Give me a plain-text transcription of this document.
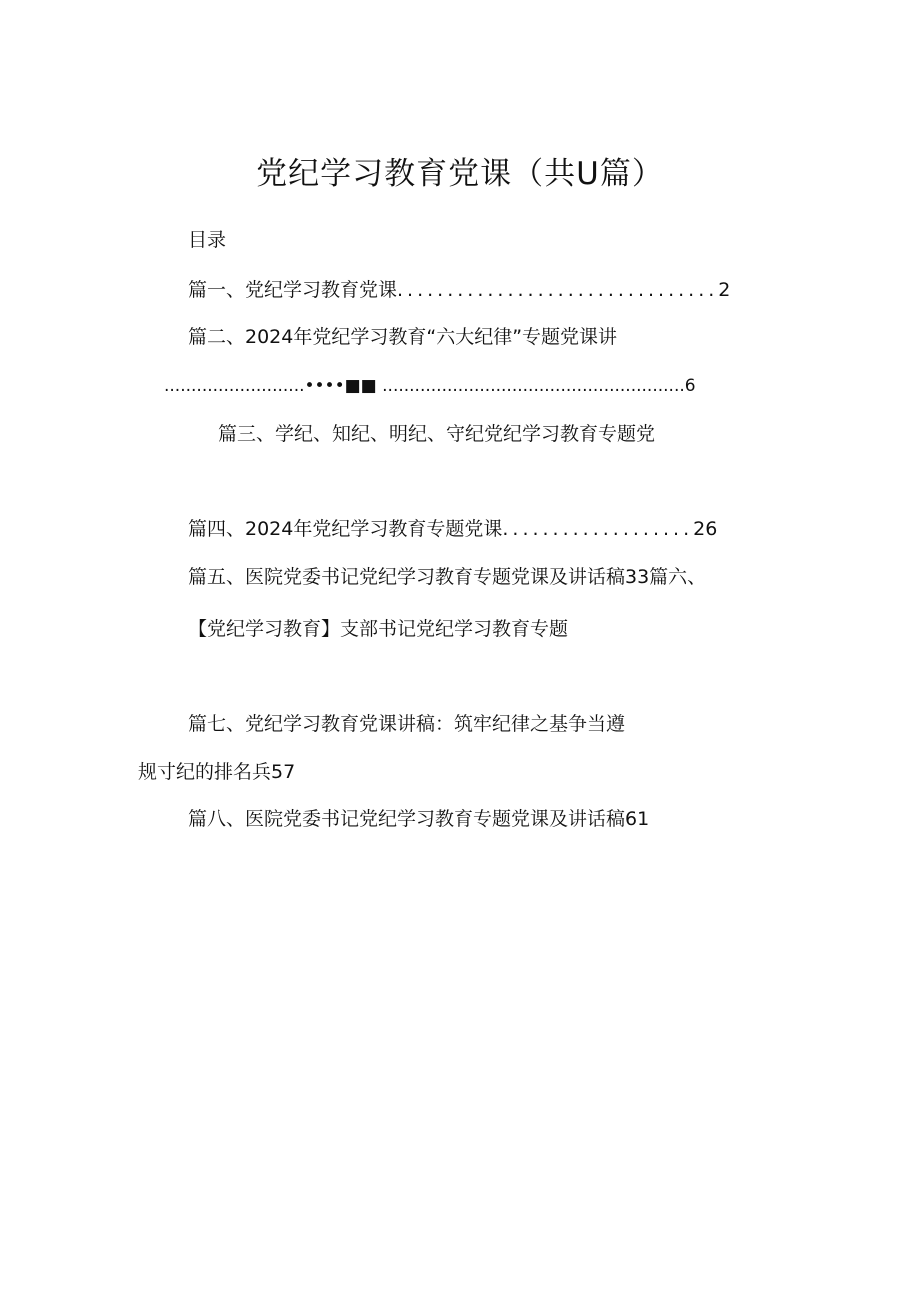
党纪学习教育党课（共U篇）
目录
篇一、党纪学习教育党课................................2
篇二、2024年党纪学习教育“六大纪律”专题党课讲
..........................••••■■ ........................................................6
篇三、学纪、知纪、明纪、守纪党纪学习教育专题党
篇四、2024年党纪学习教育专题党课...................26
篇五、医院党委书记党纪学习教育专题党课及讲话稿33篇六、
【党纪学习教育】支部书记党纪学习教育专题
篇七、党纪学习教育党课讲稿：筑牢纪律之基争当遵
规寸纪的排名兵57
篇八、医院党委书记党纪学习教育专题党课及讲话稿61
